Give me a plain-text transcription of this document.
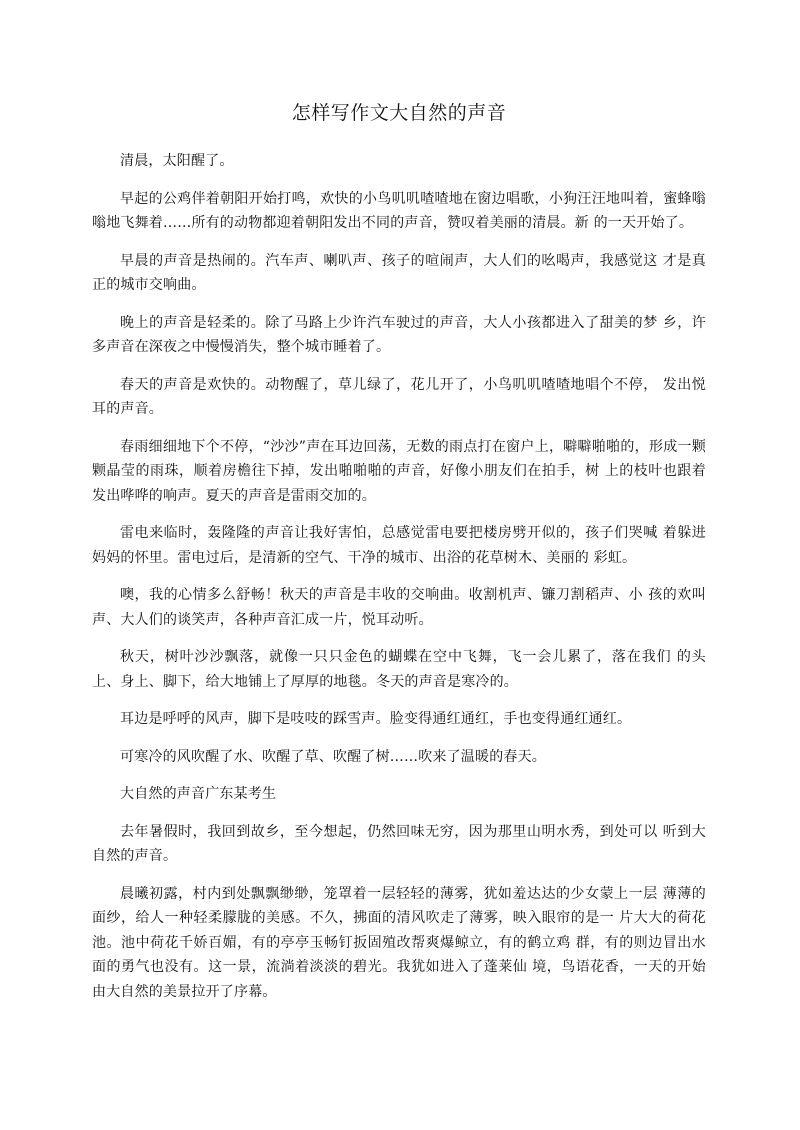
怎样写作文大自然的声音

清晨，太阳醒了。

早起的公鸡伴着朝阳开始打鸣，欢快的小鸟叽叽喳喳地在窗边唱歌，小狗汪汪地叫着，蜜蜂嗡嗡地飞舞着……所有的动物都迎着朝阳发出不同的声音，赞叹着美丽的清晨。新 的一天开始了。

早晨的声音是热闹的。汽车声、喇叭声、孩子的喧闹声，大人们的吆喝声，我感觉这 才是真正的城市交响曲。

晚上的声音是轻柔的。除了马路上少许汽车驶过的声音，大人小孩都进入了甜美的梦 乡，许多声音在深夜之中慢慢消失，整个城市睡着了。

春天的声音是欢快的。动物醒了，草儿绿了，花儿开了，小鸟叽叽喳喳地唱个不停， 发出悦耳的声音。

春雨细细地下个不停，“沙沙”声在耳边回荡，无数的雨点打在窗户上，噼噼啪啪的，形成一颗颗晶莹的雨珠，顺着房檐往下掉，发出啪啪啪的声音，好像小朋友们在拍手，树 上的枝叶也跟着发出哗哗的响声。夏天的声音是雷雨交加的。

雷电来临时，轰隆隆的声音让我好害怕，总感觉雷电要把楼房劈开似的，孩子们哭喊 着躲进妈妈的怀里。雷电过后，是清新的空气、干净的城市、出浴的花草树木、美丽的 彩虹。

噢，我的心情多么舒畅！秋天的声音是丰收的交响曲。收割机声、镰刀割稻声、小 孩的欢叫声、大人们的谈笑声，各种声音汇成一片，悦耳动听。

秋天，树叶沙沙飘落，就像一只只金色的蝴蝶在空中飞舞，飞一会儿累了，落在我们 的头上、身上、脚下，给大地铺上了厚厚的地毯。冬天的声音是寒冷的。

耳边是呼呼的风声，脚下是吱吱的踩雪声。脸变得通红通红，手也变得通红通红。

可寒冷的风吹醒了水、吹醒了草、吹醒了树……吹来了温暖的春天。

大自然的声音广东某考生

去年暑假时，我回到故乡，至今想起，仍然回味无穷，因为那里山明水秀，到处可以 听到大自然的声音。

晨曦初露，村内到处飘飘缈缈，笼罩着一层轻轻的薄雾，犹如羞达达的少女蒙上一层 薄薄的面纱，给人一种轻柔朦胧的美感。不久，拂面的清风吹走了薄雾，映入眼帘的是一 片大大的荷花池。池中荷花千娇百媚，有的亭亭玉畅钉扳固殖改帮爽爆鲸立，有的鹤立鸡 群，有的则边冒出水面的勇气也没有。这一景，流淌着淡淡的碧光。我犹如进入了蓬莱仙 境，鸟语花香，一天的开始由大自然的美景拉开了序幕。
